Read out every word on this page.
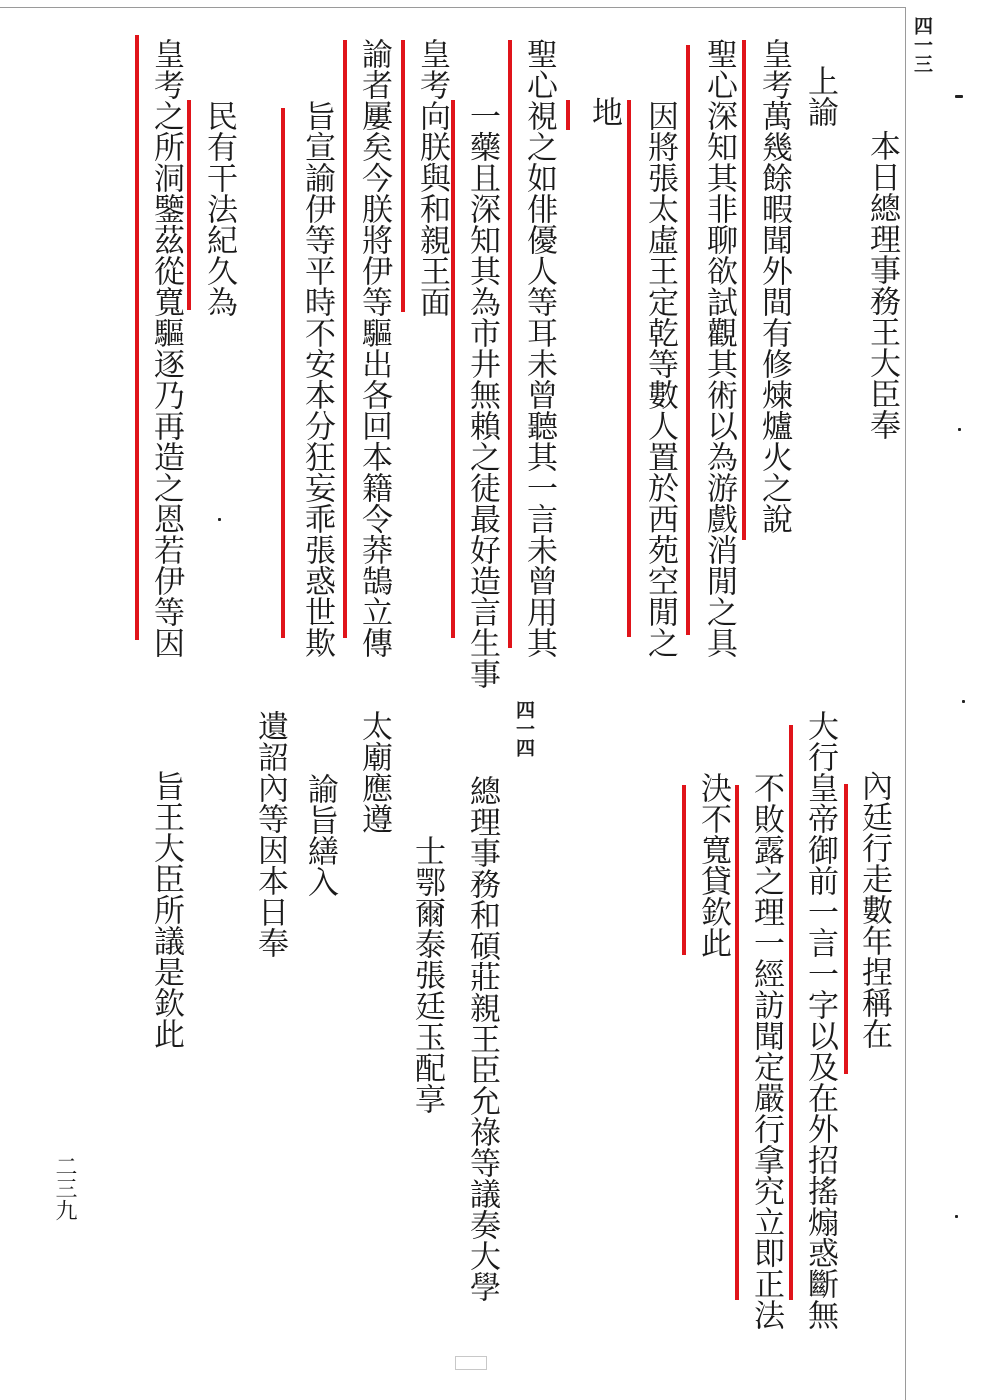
四一三
四一四
二三九
本日總理事務王大臣奉
上諭
皇考萬幾餘暇聞外間有修煉爐火之說
聖心深知其非聊欲試觀其術以為游戲消閒之具
因將張太虛王定乾等數人置於西苑空閒之
地
聖心視之如俳優人等耳未曾聽其一言未曾用其
一藥且深知其為市井無賴之徒最好造言生事
皇考向朕與和親王面
諭者屢矣今朕將伊等驅出各回本籍令莽鵠立傳
旨宣諭伊等平時不安本分狂妄乖張惑世欺
民有干法紀久為
皇考之所洞鑒茲從寬驅逐乃再造之恩若伊等因
內廷行走數年捏稱在
大行皇帝御前一言一字以及在外招搖煽惑斷無
不敗露之理一經訪聞定嚴行拿究立即正法
決不寬貸欽此
總理事務和碩莊親王臣允祿等議奏大學
士鄂爾泰張廷玉配享
太廟應遵
諭旨繕入
遺詔內等因本日奉
旨王大臣所議是欽此
